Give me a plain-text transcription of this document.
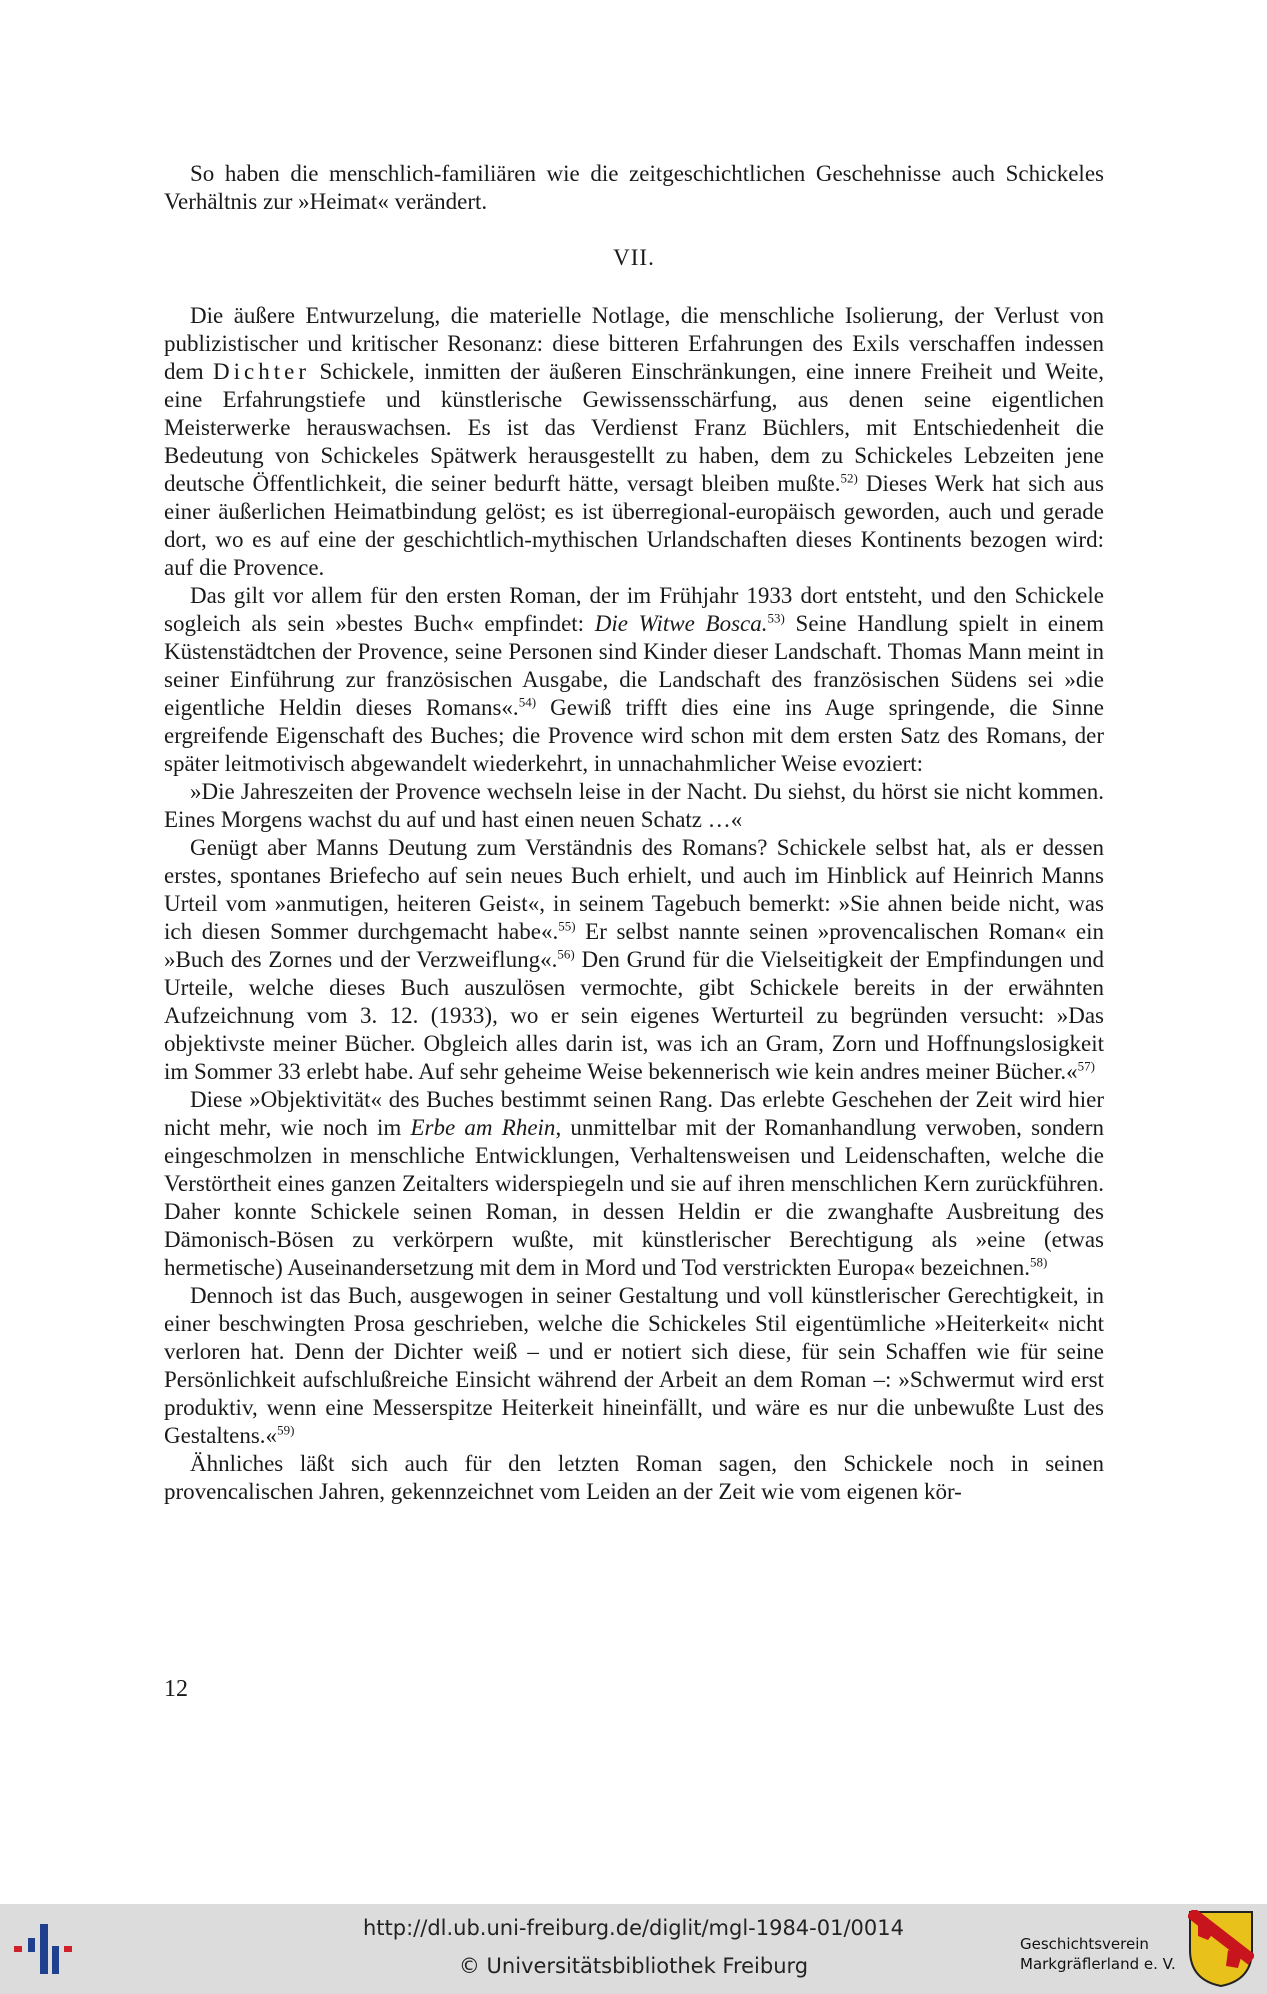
So haben die menschlich-familiären wie die zeitgeschichtlichen Geschehnisse auch Schickeles Verhältnis zur »Heimat« verändert.

VII.

Die äußere Entwurzelung, die materielle Notlage, die menschliche Isolierung, der Verlust von publizistischer und kritischer Resonanz: diese bitteren Erfahrungen des Exils verschaffen indessen dem Dichter Schickele, inmitten der äußeren Einschränkungen, eine innere Freiheit und Weite, eine Erfahrungstiefe und künstlerische Gewissensschärfung, aus denen seine eigentlichen Meisterwerke herauswachsen. Es ist das Verdienst Franz Büchlers, mit Entschiedenheit die Bedeutung von Schickeles Spätwerk herausgestellt zu haben, dem zu Schickeles Lebzeiten jene deutsche Öffentlichkeit, die seiner bedurft hätte, versagt bleiben mußte.$^{52)}$ Dieses Werk hat sich aus einer äußerlichen Heimatbindung gelöst; es ist überregional-europäisch geworden, auch und gerade dort, wo es auf eine der geschichtlich-mythischen Urlandschaften dieses Kontinents bezogen wird: auf die Provence.

Das gilt vor allem für den ersten Roman, der im Frühjahr 1933 dort entsteht, und den Schickele sogleich als sein »bestes Buch« empfindet: Die Witwe Bosca.$^{53)}$ Seine Handlung spielt in einem Küstenstädtchen der Provence, seine Personen sind Kinder dieser Landschaft. Thomas Mann meint in seiner Einführung zur französischen Ausgabe, die Landschaft des französischen Südens sei »die eigentliche Heldin dieses Romans«.$^{54)}$ Gewiß trifft dies eine ins Auge springende, die Sinne ergreifende Eigenschaft des Buches; die Provence wird schon mit dem ersten Satz des Romans, der später leitmotivisch abgewandelt wiederkehrt, in unnachahmlicher Weise evoziert:

»Die Jahreszeiten der Provence wechseln leise in der Nacht. Du siehst, du hörst sie nicht kommen. Eines Morgens wachst du auf und hast einen neuen Schatz …«

Genügt aber Manns Deutung zum Verständnis des Romans? Schickele selbst hat, als er dessen erstes, spontanes Briefecho auf sein neues Buch erhielt, und auch im Hinblick auf Heinrich Manns Urteil vom »anmutigen, heiteren Geist«, in seinem Tagebuch bemerkt: »Sie ahnen beide nicht, was ich diesen Sommer durchgemacht habe«.$^{55)}$ Er selbst nannte seinen »provencalischen Roman« ein »Buch des Zornes und der Verzweiflung«.$^{56)}$ Den Grund für die Vielseitigkeit der Empfindungen und Urteile, welche dieses Buch auszulösen vermochte, gibt Schickele bereits in der erwähnten Aufzeichnung vom 3. 12. (1933), wo er sein eigenes Werturteil zu begründen versucht: »Das objektivste meiner Bücher. Obgleich alles darin ist, was ich an Gram, Zorn und Hoffnungslosigkeit im Sommer 33 erlebt habe. Auf sehr geheime Weise bekennerisch wie kein andres meiner Bücher.«$^{57)}$

Diese »Objektivität« des Buches bestimmt seinen Rang. Das erlebte Geschehen der Zeit wird hier nicht mehr, wie noch im Erbe am Rhein, unmittelbar mit der Romanhandlung verwoben, sondern eingeschmolzen in menschliche Entwicklungen, Verhaltensweisen und Leidenschaften, welche die Verstörtheit eines ganzen Zeitalters widerspiegeln und sie auf ihren menschlichen Kern zurückführen. Daher konnte Schickele seinen Roman, in dessen Heldin er die zwanghafte Ausbreitung des Dämonisch-Bösen zu verkörpern wußte, mit künstlerischer Berechtigung als »eine (etwas hermetische) Auseinandersetzung mit dem in Mord und Tod verstrickten Europa« bezeichnen.$^{58)}$

Dennoch ist das Buch, ausgewogen in seiner Gestaltung und voll künstlerischer Gerechtigkeit, in einer beschwingten Prosa geschrieben, welche die Schickeles Stil eigentümliche »Heiterkeit« nicht verloren hat. Denn der Dichter weiß – und er notiert sich diese, für sein Schaffen wie für seine Persönlichkeit aufschlußreiche Einsicht während der Arbeit an dem Roman –: »Schwermut wird erst produktiv, wenn eine Messerspitze Heiterkeit hineinfällt, und wäre es nur die unbewußte Lust des Gestaltens.«$^{59)}$

Ähnliches läßt sich auch für den letzten Roman sagen, den Schickele noch in seinen provencalischen Jahren, gekennzeichnet vom Leiden an der Zeit wie vom eigenen kör-

12
http://dl.ub.uni-freiburg.de/diglit/mgl-1984-01/0014
© Universitätsbibliothek Freiburg
Geschichtsverein
Markgräflerland e. V.
